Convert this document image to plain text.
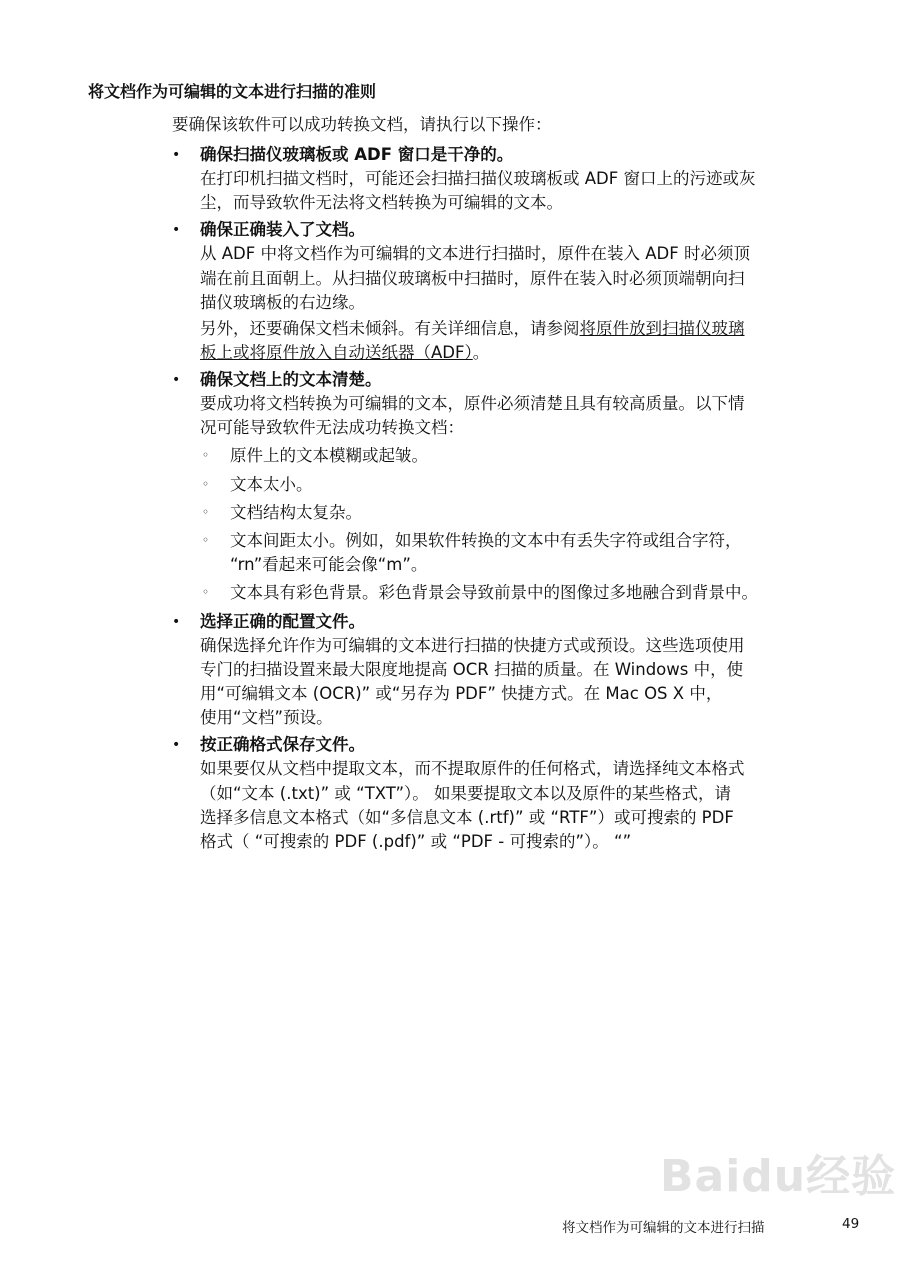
Baidu经验
将文档作为可编辑的文本进行扫描的准则
要确保该软件可以成功转换文档，请执行以下操作：
• 确保扫描仪玻璃板或 ADF 窗口是干净的。
在打印机扫描文档时，可能还会扫描扫描仪玻璃板或 ADF 窗口上的污迹或灰
尘，而导致软件无法将文档转换为可编辑的文本。
• 确保正确装入了文档。
从 ADF 中将文档作为可编辑的文本进行扫描时，原件在装入 ADF 时必须顶
端在前且面朝上。从扫描仪玻璃板中扫描时，原件在装入时必须顶端朝向扫
描仪玻璃板的右边缘。
另外，还要确保文档未倾斜。有关详细信息，请参阅将原件放到扫描仪玻璃
板上或将原件放入自动送纸器（ADF）。
• 确保文档上的文本清楚。
要成功将文档转换为可编辑的文本，原件必须清楚且具有较高质量。以下情
况可能导致软件无法成功转换文档：
◦ 原件上的文本模糊或起皱。
◦ 文本太小。
◦ 文档结构太复杂。
◦ 文本间距太小。例如，如果软件转换的文本中有丢失字符或组合字符，
“rn”看起来可能会像“m”。
◦ 文本具有彩色背景。彩色背景会导致前景中的图像过多地融合到背景中。
• 选择正确的配置文件。
确保选择允许作为可编辑的文本进行扫描的快捷方式或预设。这些选项使用
专门的扫描设置来最大限度地提高 OCR 扫描的质量。在 Windows 中，使
用“可编辑文本 (OCR)” 或“另存为 PDF” 快捷方式。在 Mac OS X 中，
使用“文档”预设。
• 按正确格式保存文件。
如果要仅从文档中提取文本，而不提取原件的任何格式，请选择纯文本格式
（如“文本 (.txt)” 或 “TXT”）。 如果要提取文本以及原件的某些格式，请
选择多信息文本格式（如“多信息文本 (.rtf)” 或 “RTF”）或可搜索的 PDF
格式（ “可搜索的 PDF (.pdf)” 或 “PDF - 可搜索的”）。 “”
将文档作为可编辑的文本进行扫描	49
